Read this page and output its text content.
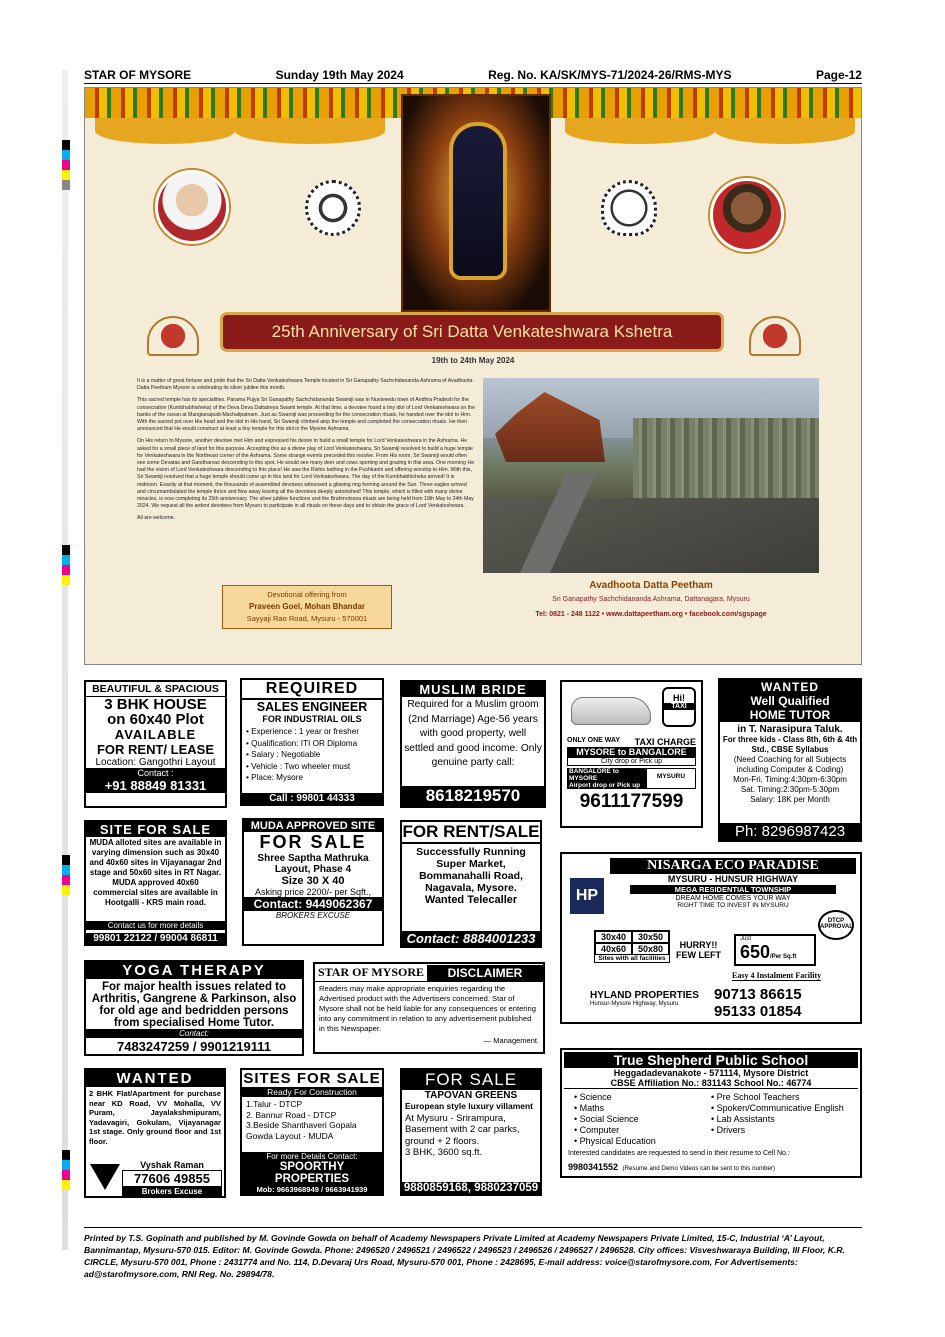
STAR OF MYSORE	Sunday 19th May 2024	Reg. No. KA/SK/MYS-71/2024-26/RMS-MYS	Page-12
25th Anniversary of Sri Datta Venkateshwara Kshetra
19th to 24th May 2024

It is a matter of great fortune and pride that the Sri Datta Venkateshwara Temple located in Sri Ganapathy Sachchidananda Ashrama of Avadhoota Datta Peetham Mysore is celebrating its silver jubilee this month.

This sacred temple has its specialities. Parama Pujya Sri Ganapathy Sachchidananda Swamiji was in Nuniveedu town of Andhra Pradesh for the consecration (Kumbhabhisheka) of the Deva Deva Dattatreya Swami temple. At that time, a devotee found a tiny idol of Lord Venkateshwara on the banks of the ocean at Mangianapudi-Machalipatnam. Just as Swamiji was proceeding for the consecration rituals, he handed over the idol to Him. With the sacred pot over His head and the idol in His hand, Sri Swamiji climbed atop the temple and completed the consecration rituals. He then announced that He would construct at least a tiny temple for this idol in the Mysore Ashrama.

On His return to Mysore, another devotee met Him and expressed his desire to build a small temple for Lord Venkateshwara in the Ashrama. He asked for a small piece of land for this purpose. Accepting this as a divine play of Lord Venkateshwara, Sri Swamiji resolved to build a huge temple for Venkateshwara in the Northeast corner of the Ashrama. Some strange events preceded this resolve. From His room, Sri Swamiji would often see some Devatas and Gandharvas descending to this spot. He would see many deer and cows sporting and grazing in this area. One morning He had the vision of Lord Venkateshwara descending to this place! He saw the Rishis bathing in the Pushkarini and offering worship to Him. With this, Sri Swamiji resolved that a huge temple should come up in this land for Lord Venkateshwara. The day of the Kumbhabhisheka arrived! It is midnoon. Exactly at that moment, the thousands of assembled devotees witnessed a glowing ring forming around the Sun. Three eagles arrived and circumambulated the temple thrice and flew away leaving all the devotees deeply astonished! This temple, which is filled with many divine miracles, is now completing its 25th anniversary. The silver jubilee functions and the Brahmotsava rituals are being held from 19th May to 24th May 2024. We request all the ardent devotees from Mysuru to participate in all rituals on these days and to obtain the grace of Lord Venkateshwara.

All are welcome.

Devotional offering from
Praveen Goel, Mohan Bhandar
Sayyaji Rao Road, Mysuru - 570001
Avadhoota Datta Peetham
Sri Ganapathy Sachchidananda Ashrama, Dattanagara, Mysuru
Tel: 0821 - 248 1122 • www.dattapeetham.org • facebook.com/sgspage
BEAUTIFUL & SPACIOUS
3 BHK HOUSE
on 60x40 Plot
AVAILABLE
FOR RENT/ LEASE
Location: Gangothri Layout
Contact :
+91 88849 81331
REQUIRED
SALES ENGINEER
FOR INDUSTRIAL OILS
• Experience : 1 year or fresher
• Qualification: ITI OR Diploma
• Salary : Negotiable
• Vehicle : Two wheeler must
• Place: Mysore
Call : 99801 44333
MUSLIM BRIDE
Required for a Muslim groom (2nd Marriage) Age-56 years with good property, well settled and good income. Only genuine party call:
8618219570
Hi!
TAXI
ONLY ONE WAY TAXI CHARGE
MYSORE to BANGALORE
City drop or Pick up
BANGALORE to MYSORE
Airport drop or Pick up
MYSURU
9611177599
WANTED
Well Qualified
HOME TUTOR
in T. Narasipura Taluk.
For three kids - Class 8th, 6th & 4th Std., CBSE Syllabus
(Need Coaching for all Subjects including Computer & Coding)
Mon-Fri, Timing:4:30pm-6:30pm
Sat. Timing:2:30pm-5:30pm
Salary: 18K per Month
Ph: 8296987423
SITE FOR SALE
MUDA alloted sites are available in varying dimension such as 30x40 and 40x60 sites in Vijayanagar 2nd stage and 50x60 sites in RT Nagar. MUDA approved 40x60 commercial sites are available in Hootgalli - KRS main road.
Contact us for more details
99801 22122 / 99004 86811
MUDA APPROVED SITE
FOR SALE
Shree Saptha Mathruka
Layout, Phase 4
Size 30 X 40
Asking price 2200/- per Sqft.,
Contact: 9449062367
BROKERS EXCUSE
FOR RENT/SALE
Successfully Running
Super Market,
Bommanahalli Road,
Nagavala, Mysore.
Wanted Telecaller
Contact: 8884001233
HP
NISARGA ECO PARADISE
MYSURU - HUNSUR HIGHWAY
MEGA RESIDENTIAL TOWNSHIP
DREAM HOME COMES YOUR WAY
RIGHT TIME TO INVEST IN MYSURU
DTCP APPROVAL
30x40	30x50
40x60	50x80
Sites with all facilities
HURRY!!
FEW LEFT
Just
650/Per Sq.ft
Easy 4 Instalment Facility
HYLAND PROPERTIES
Hunsur-Mysore Highway, Mysuru
90713 86615
95133 01854
YOGA THERAPY
For major health issues related to Arthritis, Gangrene & Parkinson, also for old age and bedridden persons from specialised Home Tutor.
Contact:
7483247259 / 9901219111
STAR OF MYSORE	DISCLAIMER
Readers may make appropriate enquiries regarding the Advertised product with the Advertisers concerned. Star of Mysore shall not be held liable for any consequences or entering into any commitment in relation to any advertisement published in this Newspaper.
— Management
True Shepherd Public School
Heggadadevanakote - 571114, Mysore District
CBSE Affiliation No.: 831143 School No.: 46774
• Science
• Maths
• Social Science
• Computer
• Physical Education
• Pre School Teachers
• Spoken/Communicative English
• Lab Assistants
• Drivers
Interested candidates are requested to send in their resume to Cell No.:
9980341552 (Resume and Demo Videos can be sent to this number)
WANTED
2 BHK Flat/Apartment for purchase near KD Road, VV Mohalla, VV Puram, Jayalakshmipuram, Yadavagiri, Gokulam, Vijayanagar 1st stage. Only ground floor and 1st floor.
Vyshak Raman
77606 49855
Brokers Excuse
SITES FOR SALE
Ready For Construction
1.Talur - DTCP
2. Bannur Road - DTCP
3.Beside Shanthaveri Gopala Gowda Layout - MUDA
For more Details Contact:
SPOORTHY PROPERTIES
Mob: 9663968949 / 9663941939
FOR SALE
TAPOVAN GREENS
European style luxury villament
At Mysuru - Srirampura, Basement with 2 car parks, ground + 2 floors.
3 BHK, 3600 sq.ft.
9880859168, 9880237059
Printed by T.S. Gopinath and published by M. Govinde Gowda on behalf of Academy Newspapers Private Limited at Academy Newspapers Private Limited, 15-C, Industrial ‘A’ Layout, Bannimantap, Mysuru-570 015. Editor: M. Govinde Gowda. Phone: 2496520 / 2496521 / 2496522 / 2496523 / 2496526 / 2496527 / 2496528. City offices: Visveshwaraya Building, III Floor, K.R. CIRCLE, Mysuru-570 001, Phone : 2431774 and No. 114, D.Devaraj Urs Road, Mysuru-570 001, Phone : 2428695, E-mail address: voice@starofmysore.com, For Advertisements: ad@starofmysore.com, RNI Reg. No. 29894/78.
